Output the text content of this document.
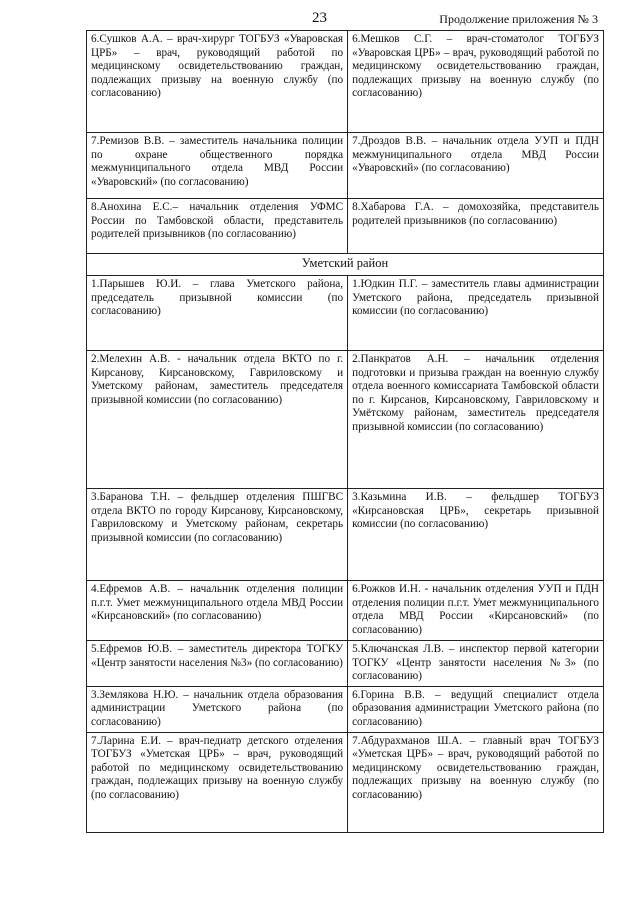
23	Продолжение приложения № 3
6.Сушков А.А. – врач-хирург ТОГБУЗ «Уваровская ЦРБ» – врач, руководящий работой по медицинскому освидетельствованию граждан, подлежащих призыву на военную службу (по согласованию)	6.Мешков С.Г. – врач-стоматолог ТОГБУЗ «Уваровская ЦРБ» – врач, руководящий работой по медицинскому освидетельствованию граждан, подлежащих призыву на военную службу (по согласованию)
7.Ремизов В.В. – заместитель начальника полиции по охране общественного порядка межмуниципального отдела МВД России «Уваровский» (по согласованию)	7.Дроздов В.В. – начальник отдела УУП и ПДН межмуниципального отдела МВД России «Уваровский» (по согласованию)
8.Анохина Е.С.– начальник отделения УФМС России по Тамбовской области, представитель родителей призывников (по согласованию)	8.Хабарова Г.А. – домохозяйка, представитель родителей призывников (по согласованию)
Уметский район	
1.Парышев Ю.И. – глава Уметского района, председатель призывной комиссии (по согласованию)	1.Юдкин П.Г. – заместитель главы администрации Уметского района, председатель призывной комиссии (по согласованию)
2.Мелехин А.В. - начальник отдела ВКТО по г. Кирсанову, Кирсановскому, Гавриловскому и Уметскому районам, заместитель председателя призывной комиссии (по согласованию)	2.Панкратов А.Н. – начальник отделения подготовки и призыва граждан на военную службу отдела военного комиссариата Тамбовской области по г. Кирсанов, Кирсановскому, Гавриловскому и Умётскому районам, заместитель председателя призывной комиссии (по согласованию)
3.Баранова Т.Н. – фельдшер отделения ПШГВС отдела ВКТО по городу Кирсанову, Кирсановскому, Гавриловскому и Уметскому районам, секретарь призывной комиссии (по согласованию)	3.Казьмина И.В. – фельдшер ТОГБУЗ «Кирсановская ЦРБ», секретарь призывной комиссии (по согласованию)
4.Ефремов А.В. – начальник отделения полиции п.г.т. Умет межмуниципального отдела МВД России «Кирсановский» (по согласованию)	6.Рожков И.Н. - начальник отделения УУП и ПДН отделения полиции п.г.т. Умет межмуниципального отдела МВД России «Кирсановский» (по согласованию)
5.Ефремов Ю.В. – заместитель директора ТОГКУ «Центр занятости населения №3» (по согласованию)	5.Ключанская Л.В. – инспектор первой категории ТОГКУ «Центр занятости населения №3» (по согласованию)
3.Землякова Н.Ю. – начальник отдела образования администрации Уметского района (по согласованию)	6.Горина В.В. – ведущий специалист отдела образования администрации Уметского района (по согласованию)
7.Ларина Е.И. – врач-педиатр детского отделения ТОГБУЗ «Уметская ЦРБ» – врач, руководящий работой по медицинскому освидетельствованию граждан, подлежащих призыву на военную службу (по согласованию)	7.Абдурахманов Ш.А. – главный врач ТОГБУЗ «Уметская ЦРБ» – врач, руководящий работой по медицинскому освидетельствованию граждан, подлежащих призыву на военную службу (по согласованию)
